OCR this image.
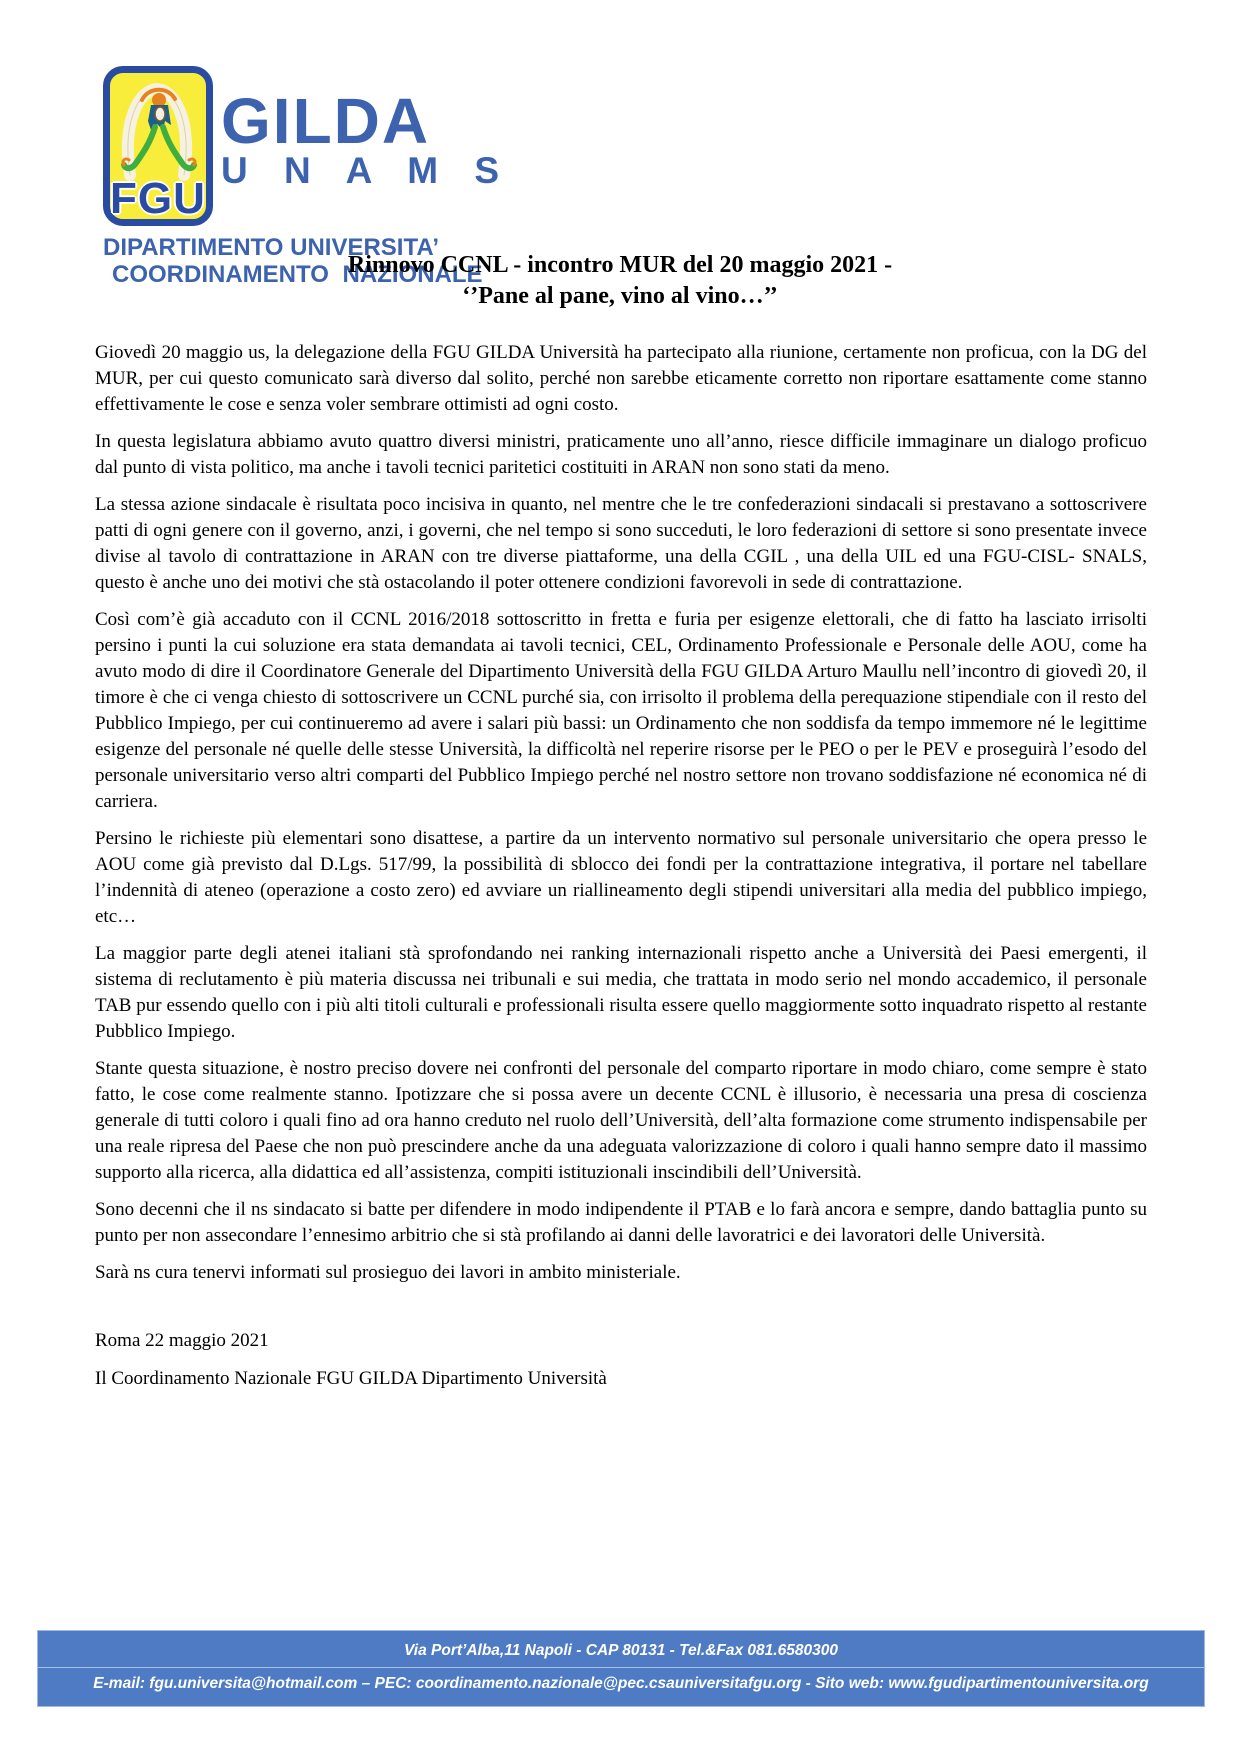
FGU
GILDA
U N A M S
DIPARTIMENTO UNIVERSITA’
COORDINAMENTO NAZIONALE
Rinnovo CCNL - incontro MUR del 20 maggio 2021 -
‘’Pane al pane, vino al vino…’’

Giovedì 20 maggio us, la delegazione della FGU GILDA Università ha partecipato alla riunione, certamente non proficua, con la DG del MUR, per cui questo comunicato sarà diverso dal solito, perché non sarebbe eticamente corretto non riportare esattamente come stanno effettivamente le cose e senza voler sembrare ottimisti ad ogni costo.

In questa legislatura abbiamo avuto quattro diversi ministri, praticamente uno all’anno, riesce difficile immaginare un dialogo proficuo dal punto di vista politico, ma anche i tavoli tecnici paritetici costituiti in ARAN non sono stati da meno.

La stessa azione sindacale è risultata poco incisiva in quanto, nel mentre che le tre confederazioni sindacali si prestavano a sottoscrivere patti di ogni genere con il governo, anzi, i governi, che nel tempo si sono succeduti, le loro federazioni di settore si sono presentate invece divise al tavolo di contrattazione in ARAN con tre diverse piattaforme, una della CGIL , una della UIL ed una FGU-CISL- SNALS, questo è anche uno dei motivi che stà ostacolando il poter ottenere condizioni favorevoli in sede di contrattazione.

Così com’è già accaduto con il CCNL 2016/2018 sottoscritto in fretta e furia per esigenze elettorali, che di fatto ha lasciato irrisolti persino i punti la cui soluzione era stata demandata ai tavoli tecnici, CEL, Ordinamento Professionale e Personale delle AOU, come ha avuto modo di dire il Coordinatore Generale del Dipartimento Università della FGU GILDA Arturo Maullu nell’incontro di giovedì 20, il timore è che ci venga chiesto di sottoscrivere un CCNL purché sia, con irrisolto il problema della perequazione stipendiale con il resto del Pubblico Impiego, per cui continueremo ad avere i salari più bassi: un Ordinamento che non soddisfa da tempo immemore né le legittime esigenze del personale né quelle delle stesse Università, la difficoltà nel reperire risorse per le PEO o per le PEV e proseguirà l’esodo del personale universitario verso altri comparti del Pubblico Impiego perché nel nostro settore non trovano soddisfazione né economica né di carriera.

Persino le richieste più elementari sono disattese, a partire da un intervento normativo sul personale universitario che opera presso le AOU come già previsto dal D.Lgs. 517/99, la possibilità di sblocco dei fondi per la contrattazione integrativa, il portare nel tabellare l’indennità di ateneo (operazione a costo zero) ed avviare un riallineamento degli stipendi universitari alla media del pubblico impiego, etc…

La maggior parte degli atenei italiani stà sprofondando nei ranking internazionali rispetto anche a Università dei Paesi emergenti, il sistema di reclutamento è più materia discussa nei tribunali e sui media, che trattata in modo serio nel mondo accademico, il personale TAB pur essendo quello con i più alti titoli culturali e professionali risulta essere quello maggiormente sotto inquadrato rispetto al restante Pubblico Impiego.

Stante questa situazione, è nostro preciso dovere nei confronti del personale del comparto riportare in modo chiaro, come sempre è stato fatto, le cose come realmente stanno. Ipotizzare che si possa avere un decente CCNL è illusorio, è necessaria una presa di coscienza generale di tutti coloro i quali fino ad ora hanno creduto nel ruolo dell’Università, dell’alta formazione come strumento indispensabile per una reale ripresa del Paese che non può prescindere anche da una adeguata valorizzazione di coloro i quali hanno sempre dato il massimo supporto alla ricerca, alla didattica ed all’assistenza, compiti istituzionali inscindibili dell’Università.

Sono decenni che il ns sindacato si batte per difendere in modo indipendente il PTAB e lo farà ancora e sempre, dando battaglia punto su punto per non assecondare l’ennesimo arbitrio che si stà profilando ai danni delle lavoratrici e dei lavoratori delle Università.

Sarà ns cura tenervi informati sul prosieguo dei lavori in ambito ministeriale.

Roma 22 maggio 2021

Il Coordinamento Nazionale FGU GILDA Dipartimento Università

Via Port’Alba,11 Napoli - CAP 80131 - Tel.&Fax 081.6580300
E-mail: fgu.universita@hotmail.com – PEC: coordinamento.nazionale@pec.csauniversitafgu.org - Sito web: www.fgudipartimentouniversita.org
